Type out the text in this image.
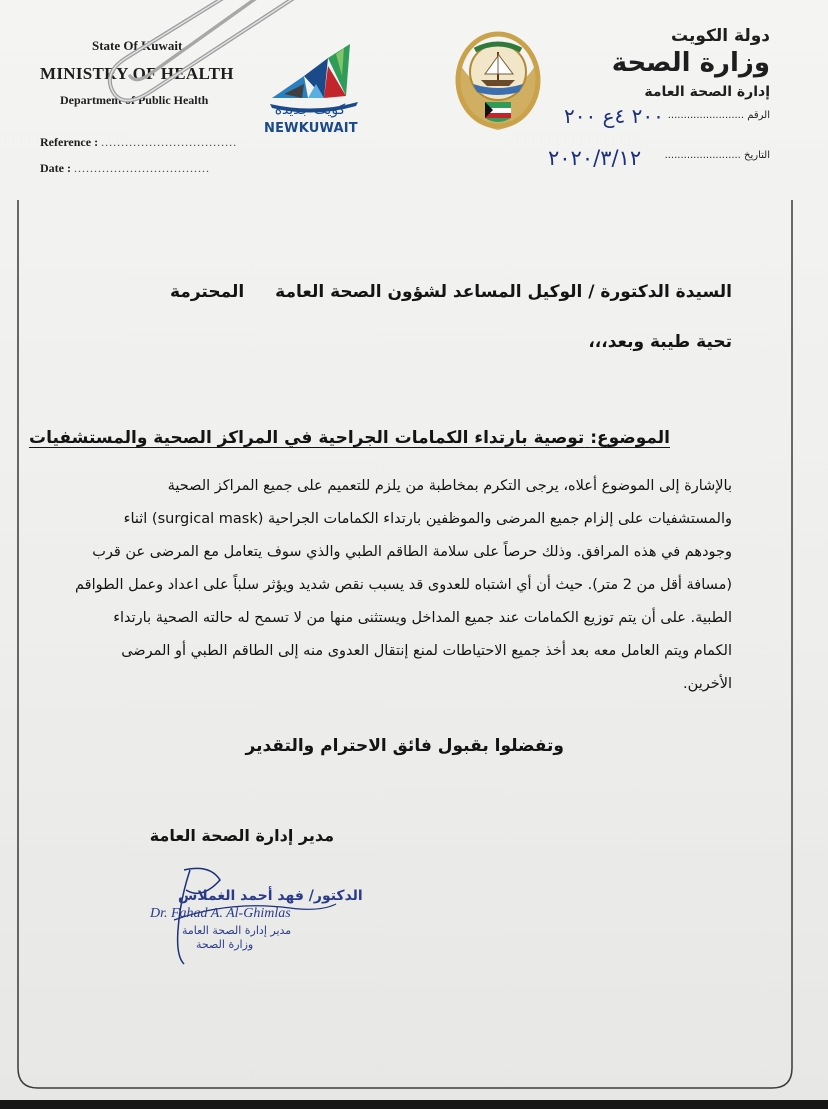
State Of Kuwait
MINISTRY OF HEALTH
Department of Public Health
Reference : ..................................
Date : ..................................
كويت جديدة
NEWKUWAIT
دولة الكويت
وزارة الصحة
إدارة الصحة العامة
الرقم ........................
التاريخ ........................
٢٠٠ ٤ع ٢٠٠
٢٠٢٠/٣/١٢
السيدة الدكتورة / الوكيل المساعد لشؤون الصحة العامة
المحترمة
تحية طيبة وبعد،،،
الموضوع: توصية بارتداء الكمامات الجراحية في المراكز الصحية والمستشفيات
بالإشارة إلى الموضوع أعلاه، يرجى التكرم بمخاطبة من يلزم للتعميم على جميع المراكز الصحية
والمستشفيات على إلزام جميع المرضى والموظفين بارتداء الكمامات الجراحية (surgical mask) اثناء
وجودهم في هذه المرافق. وذلك حرصاً على سلامة الطاقم الطبي والذي سوف يتعامل مع المرضى عن قرب
(مسافة أقل من 2 متر). حيث أن أي اشتباه للعدوى قد يسبب نقص شديد ويؤثر سلباً على اعداد وعمل الطواقم
الطبية. على أن يتم توزيع الكمامات عند جميع المداخل ويستثنى منها من لا تسمح له حالته الصحية بارتداء
الكمام ويتم العامل معه بعد أخذ جميع الاحتياطات لمنع إنتقال العدوى منه إلى الطاقم الطبي أو المرضى
الأخرين.
وتفضلوا بقبول فائق الاحترام والتقدير
مدير إدارة الصحة العامة
الدكتور/ فهد أحمد الغملاس
Dr. Fahad A. Al-Ghimlas
مدير إدارة الصحة العامة
وزارة الصحة
